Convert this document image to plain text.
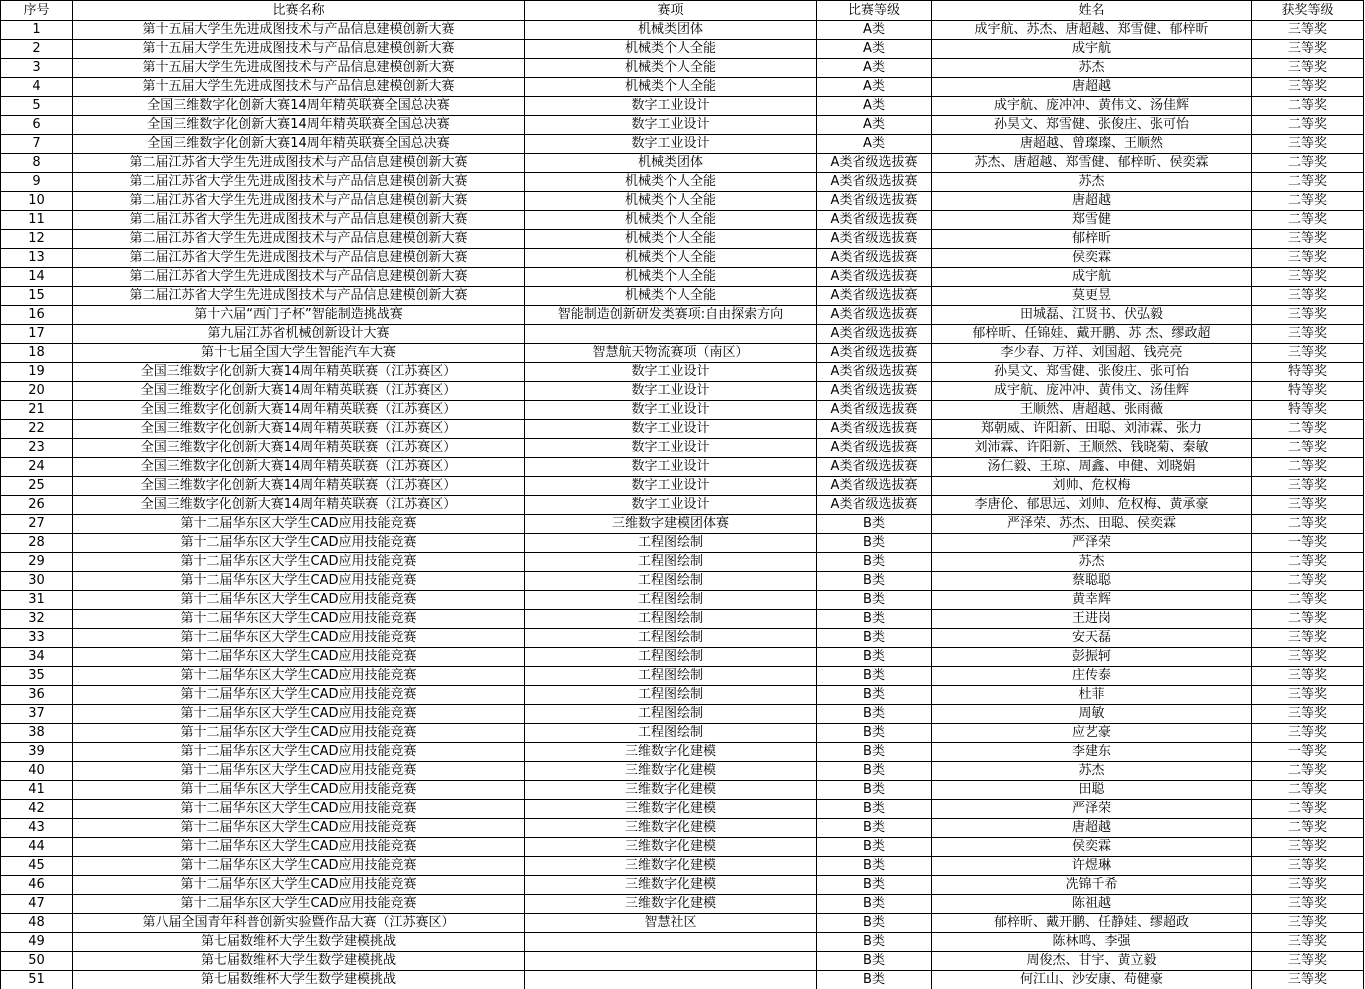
序号	比赛名称	赛项	比赛等级	姓名	获奖等级
1	第十五届大学生先进成图技术与产品信息建模创新大赛	机械类团体	A类	成宇航、苏杰、唐超越、郑雪健、郁梓昕	三等奖
2	第十五届大学生先进成图技术与产品信息建模创新大赛	机械类个人全能	A类	成宇航	三等奖
3	第十五届大学生先进成图技术与产品信息建模创新大赛	机械类个人全能	A类	苏杰	三等奖
4	第十五届大学生先进成图技术与产品信息建模创新大赛	机械类个人全能	A类	唐超越	三等奖
5	全国三维数字化创新大赛14周年精英联赛全国总决赛	数字工业设计	A类	成宇航、庞冲冲、黄伟文、汤佳辉	二等奖
6	全国三维数字化创新大赛14周年精英联赛全国总决赛	数字工业设计	A类	孙昊文、郑雪健、张俊庄、张可怡	二等奖
7	全国三维数字化创新大赛14周年精英联赛全国总决赛	数字工业设计	A类	唐超越、曾璨璨、王顺然	三等奖
8	第二届江苏省大学生先进成图技术与产品信息建模创新大赛	机械类团体	A类省级选拔赛	苏杰、唐超越、郑雪健、郁梓昕、侯奕霖	二等奖
9	第二届江苏省大学生先进成图技术与产品信息建模创新大赛	机械类个人全能	A类省级选拔赛	苏杰	二等奖
10	第二届江苏省大学生先进成图技术与产品信息建模创新大赛	机械类个人全能	A类省级选拔赛	唐超越	二等奖
11	第二届江苏省大学生先进成图技术与产品信息建模创新大赛	机械类个人全能	A类省级选拔赛	郑雪健	二等奖
12	第二届江苏省大学生先进成图技术与产品信息建模创新大赛	机械类个人全能	A类省级选拔赛	郁梓昕	三等奖
13	第二届江苏省大学生先进成图技术与产品信息建模创新大赛	机械类个人全能	A类省级选拔赛	侯奕霖	三等奖
14	第二届江苏省大学生先进成图技术与产品信息建模创新大赛	机械类个人全能	A类省级选拔赛	成宇航	三等奖
15	第二届江苏省大学生先进成图技术与产品信息建模创新大赛	机械类个人全能	A类省级选拔赛	莫更昱	三等奖
16	第十六届“西门子杯”智能制造挑战赛	智能制造创新研发类赛项:自由探索方向	A类省级选拔赛	田城磊、江贤书、伏弘毅	三等奖
17	第九届江苏省机械创新设计大赛		A类省级选拔赛	郁梓昕、任锦娃、戴开鹏、苏 杰、缪政超	三等奖
18	第十七届全国大学生智能汽车大赛	智慧航天物流赛项（南区）	A类省级选拔赛	李少春、万祥、刘国超、钱亮亮	三等奖
19	全国三维数字化创新大赛14周年精英联赛（江苏赛区）	数字工业设计	A类省级选拔赛	孙昊文、郑雪健、张俊庄、张可怡	特等奖
20	全国三维数字化创新大赛14周年精英联赛（江苏赛区）	数字工业设计	A类省级选拔赛	成宇航、庞冲冲、黄伟文、汤佳辉	特等奖
21	全国三维数字化创新大赛14周年精英联赛（江苏赛区）	数字工业设计	A类省级选拔赛	王顺然、唐超越、张雨薇	特等奖
22	全国三维数字化创新大赛14周年精英联赛（江苏赛区）	数字工业设计	A类省级选拔赛	郑朝威、许阳新、田聪、刘沛霖、张力	二等奖
23	全国三维数字化创新大赛14周年精英联赛（江苏赛区）	数字工业设计	A类省级选拔赛	刘沛霖、许阳新、王顺然、钱晓菊、秦敏	二等奖
24	全国三维数字化创新大赛14周年精英联赛（江苏赛区）	数字工业设计	A类省级选拔赛	汤仁毅、王琼、周鑫、申健、刘晓娟	二等奖
25	全国三维数字化创新大赛14周年精英联赛（江苏赛区）	数字工业设计	A类省级选拔赛	刘帅、危权梅	三等奖
26	全国三维数字化创新大赛14周年精英联赛（江苏赛区）	数字工业设计	A类省级选拔赛	李唐伦、郁思远、刘帅、危权梅、黄承豪	三等奖
27	第十二届华东区大学生CAD应用技能竞赛	三维数字建模团体赛	B类	严泽荣、苏杰、田聪、侯奕霖	二等奖
28	第十二届华东区大学生CAD应用技能竞赛	工程图绘制	B类	严泽荣	一等奖
29	第十二届华东区大学生CAD应用技能竞赛	工程图绘制	B类	苏杰	二等奖
30	第十二届华东区大学生CAD应用技能竞赛	工程图绘制	B类	蔡聪聪	二等奖
31	第十二届华东区大学生CAD应用技能竞赛	工程图绘制	B类	黄幸辉	二等奖
32	第十二届华东区大学生CAD应用技能竞赛	工程图绘制	B类	王进岗	二等奖
33	第十二届华东区大学生CAD应用技能竞赛	工程图绘制	B类	安天磊	三等奖
34	第十二届华东区大学生CAD应用技能竞赛	工程图绘制	B类	彭振轲	三等奖
35	第十二届华东区大学生CAD应用技能竞赛	工程图绘制	B类	庄传泰	三等奖
36	第十二届华东区大学生CAD应用技能竞赛	工程图绘制	B类	杜菲	三等奖
37	第十二届华东区大学生CAD应用技能竞赛	工程图绘制	B类	周敏	三等奖
38	第十二届华东区大学生CAD应用技能竞赛	工程图绘制	B类	应艺豪	三等奖
39	第十二届华东区大学生CAD应用技能竞赛	三维数字化建模	B类	李建东	一等奖
40	第十二届华东区大学生CAD应用技能竞赛	三维数字化建模	B类	苏杰	二等奖
41	第十二届华东区大学生CAD应用技能竞赛	三维数字化建模	B类	田聪	二等奖
42	第十二届华东区大学生CAD应用技能竞赛	三维数字化建模	B类	严泽荣	二等奖
43	第十二届华东区大学生CAD应用技能竞赛	三维数字化建模	B类	唐超越	二等奖
44	第十二届华东区大学生CAD应用技能竞赛	三维数字化建模	B类	侯奕霖	三等奖
45	第十二届华东区大学生CAD应用技能竞赛	三维数字化建模	B类	许煜琳	三等奖
46	第十二届华东区大学生CAD应用技能竞赛	三维数字化建模	B类	冼锦千希	三等奖
47	第十二届华东区大学生CAD应用技能竞赛	三维数字化建模	B类	陈祖越	三等奖
48	第八届全国青年科普创新实验暨作品大赛（江苏赛区）	智慧社区	B类	郁梓昕、戴开鹏、任静娃、缪超政	三等奖
49	第七届数维杯大学生数学建模挑战		B类	陈林鸣、李强	三等奖
50	第七届数维杯大学生数学建模挑战		B类	周俊杰、甘宇、黄立毅	三等奖
51	第七届数维杯大学生数学建模挑战		B类	何江山、沙安康、苟健豪	三等奖
